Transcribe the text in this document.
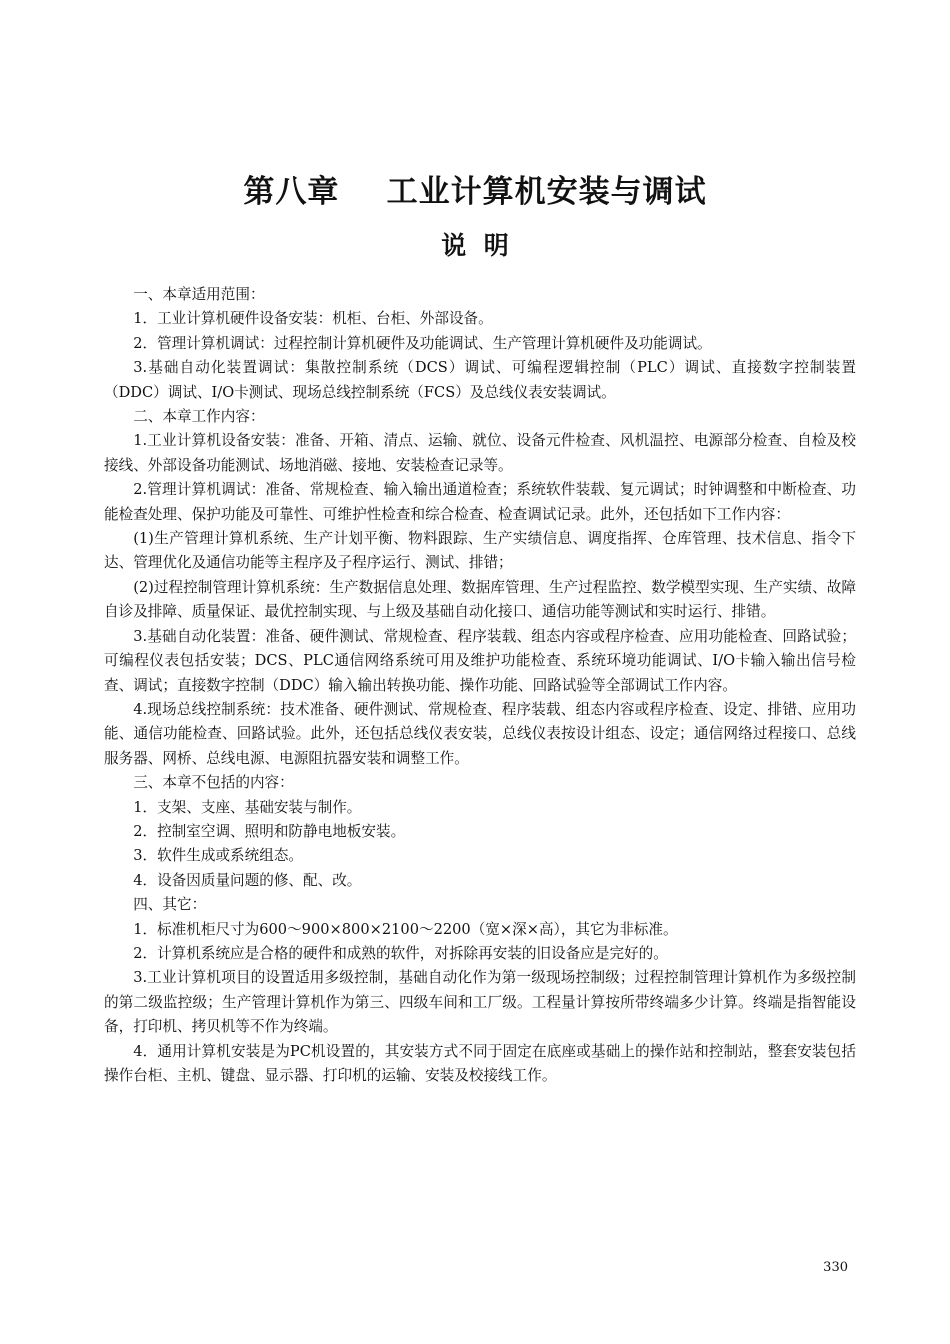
第八章    工业计算机安装与调试
说  明

一、本章适用范围：

1．工业计算机硬件设备安装：机柜、台柜、外部设备。

2．管理计算机调试：过程控制计算机硬件及功能调试、生产管理计算机硬件及功能调试。

3.基础自动化装置调试：集散控制系统（DCS）调试、可编程逻辑控制（PLC）调试、直接数字控制装置（DDC）调试、I/O卡测试、现场总线控制系统（FCS）及总线仪表安装调试。

二、本章工作内容：

1.工业计算机设备安装：准备、开箱、清点、运输、就位、设备元件检查、风机温控、电源部分检查、自检及校接线、外部设备功能测试、场地消磁、接地、安装检查记录等。

2.管理计算机调试：准备、常规检查、输入输出通道检查；系统软件装载、复元调试；时钟调整和中断检查、功能检查处理、保护功能及可靠性、可维护性检查和综合检查、检查调试记录。此外，还包括如下工作内容：

(1)生产管理计算机系统、生产计划平衡、物料跟踪、生产实绩信息、调度指挥、仓库管理、技术信息、指令下达、管理优化及通信功能等主程序及子程序运行、测试、排错；

(2)过程控制管理计算机系统：生产数据信息处理、数据库管理、生产过程监控、数学模型实现、生产实绩、故障自诊及排障、质量保证、最优控制实现、与上级及基础自动化接口、通信功能等测试和实时运行、排错。

3.基础自动化装置：准备、硬件测试、常规检查、程序装载、组态内容或程序检查、应用功能检查、回路试验；可编程仪表包括安装；DCS、PLC通信网络系统可用及维护功能检查、系统环境功能调试、I/O卡输入输出信号检查、调试；直接数字控制（DDC）输入输出转换功能、操作功能、回路试验等全部调试工作内容。

4.现场总线控制系统：技术准备、硬件测试、常规检查、程序装载、组态内容或程序检查、设定、排错、应用功能、通信功能检查、回路试验。此外，还包括总线仪表安装，总线仪表按设计组态、设定；通信网络过程接口、总线服务器、网桥、总线电源、电源阻抗器安装和调整工作。

三、本章不包括的内容：

1．支架、支座、基础安装与制作。

2．控制室空调、照明和防静电地板安装。

3．软件生成或系统组态。

4．设备因质量问题的修、配、改。

四、其它：

1．标准机柜尺寸为600～900×800×2100～2200（宽×深×高），其它为非标准。

2．计算机系统应是合格的硬件和成熟的软件，对拆除再安装的旧设备应是完好的。

3.工业计算机项目的设置适用多级控制，基础自动化作为第一级现场控制级；过程控制管理计算机作为多级控制的第二级监控级；生产管理计算机作为第三、四级车间和工厂级。工程量计算按所带终端多少计算。终端是指智能设备，打印机、拷贝机等不作为终端。

4．通用计算机安装是为PC机设置的，其安装方式不同于固定在底座或基础上的操作站和控制站，整套安装包括操作台柜、主机、键盘、显示器、打印机的运输、安装及校接线工作。

330
